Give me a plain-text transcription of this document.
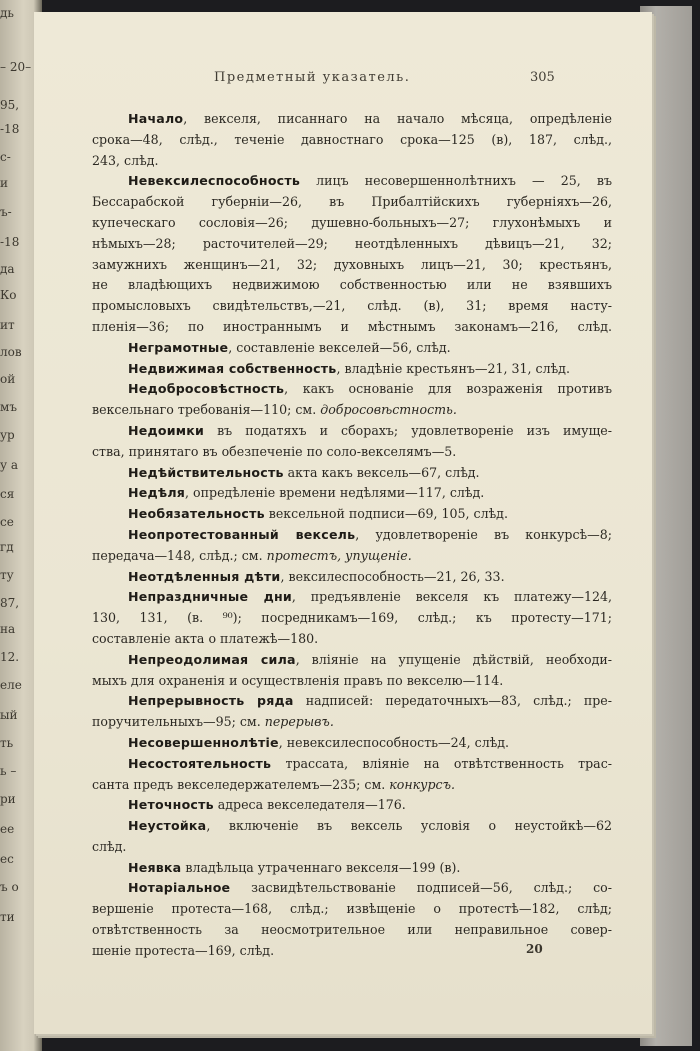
дь
– 20–
95,
-18
с-
и
ъ-
-18
да
Ко
ит
лов
ой
мъ
ур
у а
ся
се
гд
ту
87,
на
12.
еле
ый
ть
ь –
ри
ее
ес
ъ о
ти
Предметный указатель.	305
Начало, векселя, писаннаго на начало мѣсяца, опредѣленіе
срока—48, слѣд., теченіе давностнаго срока—125 (в), 187, слѣд.,
243, слѣд.
Невексилеспособность лицъ несовершеннолѣтнихъ — 25, въ
Бессарабской губерніи—26, въ Прибалтійскихъ губерніяхъ—26,
купеческаго сословія—26; душевно-больныхъ—27; глухонѣмыхъ и
нѣмыхъ—28; расточителей—29; неотдѣленныхъ дѣвицъ—21, 32;
замужнихъ женщинъ—21, 32; духовныхъ лицъ—21, 30; крестьянъ,
не владѣющихъ недвижимою собственностью или не взявшихъ
промысловыхъ свидѣтельствъ,—21, слѣд. (в), 31; время насту-
пленія—36; по иностраннымъ и мѣстнымъ законамъ—216, слѣд.
Неграмотные, составленіе векселей—56, слѣд.
Недвижимая собственность, владѣніе крестьянъ—21, 31, слѣд.
Недобросовѣстность, какъ основаніе для возраженія противъ
вексельнаго требованія—110; см. добросовѣстность.
Недоимки въ податяхъ и сборахъ; удовлетвореніе изъ имуще-
ства, принятаго въ обезпеченіе по соло-векселямъ—5.
Недѣйствительность акта какъ вексель—67, слѣд.
Недѣля, опредѣленіе времени недѣлями—117, слѣд.
Необязательность вексельной подписи—69, 105, слѣд.
Неопротестованный вексель, удовлетвореніе въ конкурсѣ—8;
передача—148, слѣд.; см. протестъ, упущеніе.
Неотдѣленныя дѣти, вексилеспособность—21, 26, 33.
Непраздничные дни, предъявленіе векселя къ платежу—124,
130, 131, (в. ⁹⁰); посредникамъ—169, слѣд.; къ протесту—171;
составленіе акта о платежѣ—180.
Непреодолимая сила, вліяніе на упущеніе дѣйствій, необходи-
мыхъ для охраненія и осуществленія правъ по векселю—114.
Непрерывность ряда надписей: передаточныхъ—83, слѣд.; пре-
поручительныхъ—95; см. перерывъ.
Несовершеннолѣтіе, невексилеспособность—24, слѣд.
Несостоятельность трассата, вліяніе на отвѣтственность трас-
санта предъ векселедержателемъ—235; см. конкурсъ.
Неточность адреса векселедателя—176.
Неустойка, включеніе въ вексель условія о неустойкѣ—62
слѣд.
Неявка владѣльца утраченнаго векселя—199 (в).
Нотаріальное засвидѣтельствованіе подписей—56, слѣд.; со-
вершеніе протеста—168, слѣд.; извѣщеніе о протестѣ—182, слѣд;
отвѣтственность за неосмотрительное или неправильное совер-
шеніе протеста—169, слѣд.	20
